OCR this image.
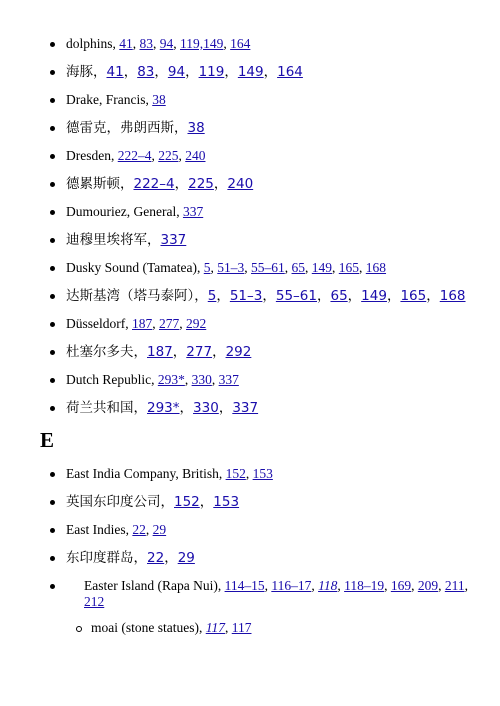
dolphins, 41, 83, 94, 119,149, 164
海豚，41，83，94，119，149，164
Drake, Francis, 38
德雷克，弗朗西斯，38
Dresden, 222–4, 225, 240
德累斯顿，222–4，225，240
Dumouriez, General, 337
迪穆里埃将军，337
Dusky Sound (Tamatea), 5, 51–3, 55–61, 65, 149, 165, 168
达斯基湾（塔马泰阿），5，51–3，55–61，65，149，165，168
Düsseldorf, 187, 277, 292
杜塞尔多夫，187，277，292
Dutch Republic, 293*, 330, 337
荷兰共和国，293*，330，337
E
East India Company, British, 152, 153
英国东印度公司，152，153
East Indies, 22, 29
东印度群岛，22，29
Easter Island (Rapa Nui), 114–15, 116–17, 118, 118–19, 169, 209, 211, 212
moai (stone statues), 117, 117
